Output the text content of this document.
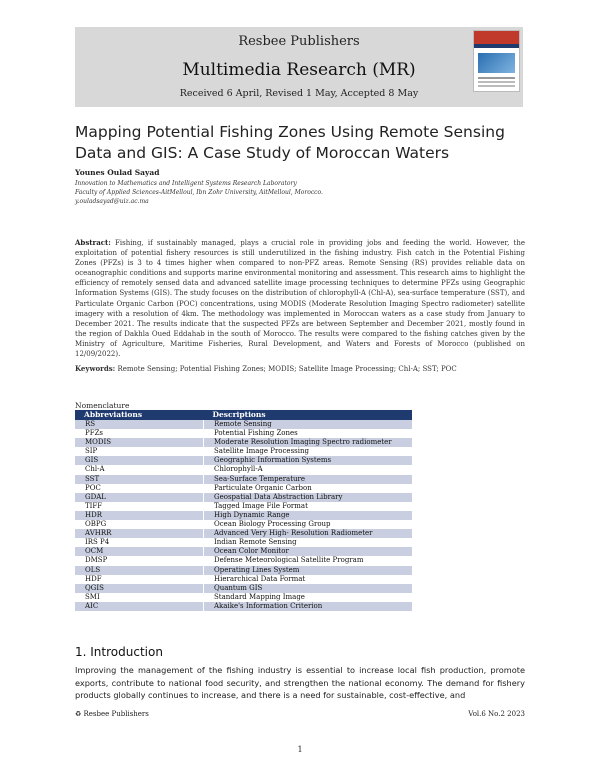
Resbee Publishers
Multimedia Research (MR)
Received 6 April, Revised 1 May, Accepted 8 May
Mapping Potential Fishing Zones Using Remote Sensing Data and GIS: A Case Study of Moroccan Waters
Younes Oulad Sayad
Innovation to Mathematics and Intelligent Systems Research Laboratory
Faculty of Applied Sciences-AitMelloul, Ibn Zohr University, AitMelloul, Morocco.
y.ouladsayad@uiz.ac.ma
Abstract: Fishing, if sustainably managed, plays a crucial role in providing jobs and feeding the world. However, the exploitation of potential fishery resources is still underutilized in the fishing industry. Fish catch in the Potential Fishing Zones (PFZs) is 3 to 4 times higher when compared to non-PFZ areas. Remote Sensing (RS) provides reliable data on oceanographic conditions and supports marine environmental monitoring and assessment. This research aims to highlight the efficiency of remotely sensed data and advanced satellite image processing techniques to determine PFZs using Geographic Information Systems (GIS). The study focuses on the distribution of chlorophyll-A (Chl-A), sea-surface temperature (SST), and Particulate Organic Carbon (POC) concentrations, using MODIS (Moderate Resolution Imaging Spectro radiometer) satellite imagery with a resolution of 4km. The methodology was implemented in Moroccan waters as a case study from January to December 2021. The results indicate that the suspected PFZs are between September and December 2021, mostly found in the region of Dakhla Oued Eddahab in the south of Morocco. The results were compared to the fishing catches given by the Ministry of Agriculture, Maritime Fisheries, Rural Development, and Waters and Forests of Morocco (published on 12/09/2022).
Keywords: Remote Sensing; Potential Fishing Zones; MODIS; Satellite Image Processing; Chl-A; SST; POC
Nomenclature
Abbreviations	Descriptions
RS	Remote Sensing
PFZs	Potential Fishing Zones
MODIS	Moderate Resolution Imaging Spectro radiometer
SIP	Satellite Image Processing
GIS	Geographic Information Systems
Chl-A	Chlorophyll-A
SST	Sea-Surface Temperature
POC	Particulate Organic Carbon
GDAL	Geospatial Data Abstraction Library
TIFF	Tagged Image File Format
HDR	High Dynamic Range
OBPG	Ocean Biology Processing Group
AVHRR	Advanced Very High- Resolution Radiometer
IRS P4	Indian Remote Sensing
OCM	Ocean Color Monitor
DMSP	Defense Meteorological Satellite Program
OLS	Operating Lines System
HDF	Hierarchical Data Format
QGIS	Quantum GIS
SMI	Standard Mapping Image
AIC	Akaike's Information Criterion
1. Introduction
Improving the management of the fishing industry is essential to increase local fish production, promote exports, contribute to national food security, and strengthen the national economy. The demand for fishery products globally continues to increase, and there is a need for sustainable, cost-effective, and
♻ Resbee Publishers	Vol.6 No.2 2023
1
